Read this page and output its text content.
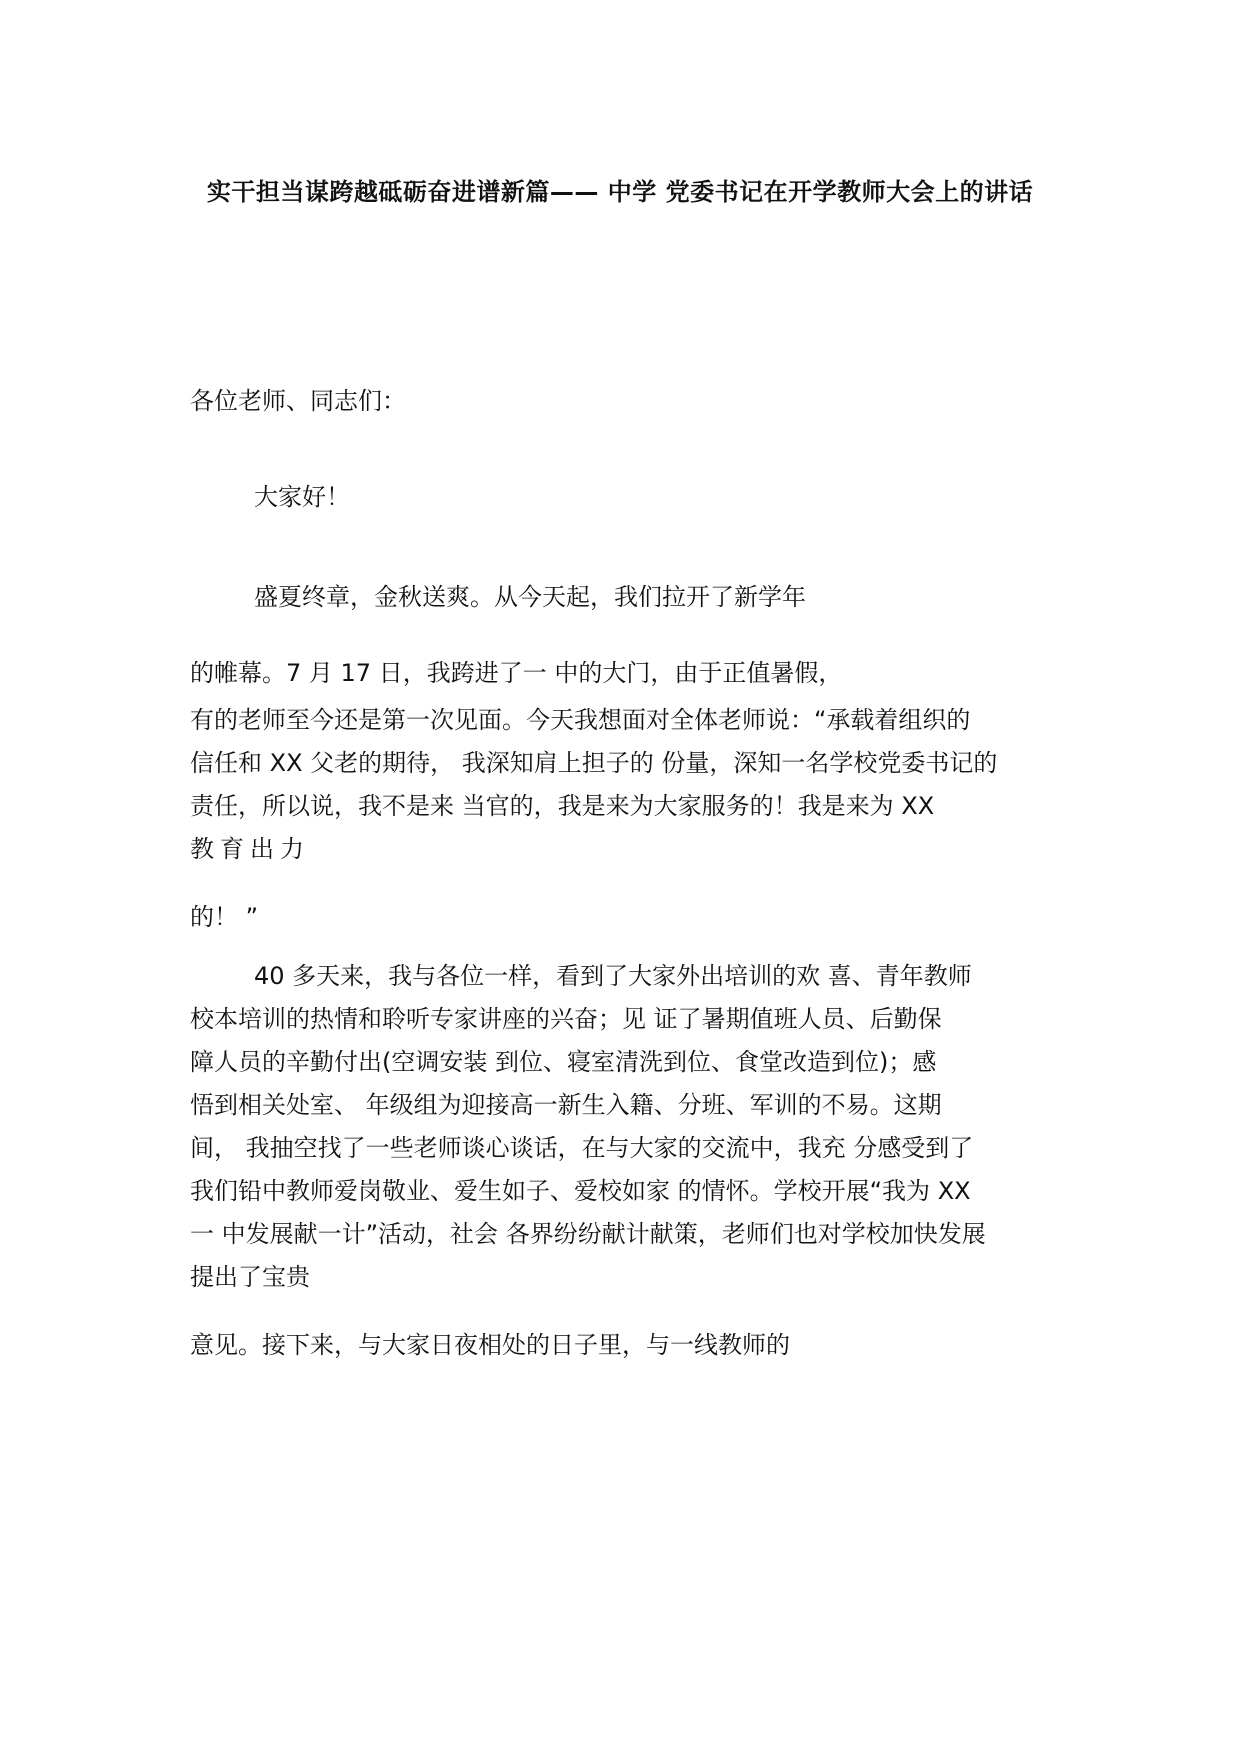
实干担当谋跨越砥砺奋进谱新篇—— 中学 党委书记在开学教师大会上的讲话
各位老师、同志们：
大家好！
盛夏终章，金秋送爽。从今天起，我们拉开了新学年
的帷幕。7 月 17 日，我跨进了一 中的大门，由于正值暑假，
有的老师至今还是第一次见面。今天我想面对全体老师说：“承载着组织的
信任和 XX 父老的期待， 我深知肩上担子的 份量，深知一名学校党委书记的
责任，所以说，我不是来 当官的，我是来为大家服务的！我是来为 XX
教育出力
的！ ”
40 多天来，我与各位一样，看到了大家外出培训的欢 喜、青年教师
校本培训的热情和聆听专家讲座的兴奋；见 证了暑期值班人员、后勤保
障人员的辛勤付出(空调安装 到位、寝室清洗到位、食堂改造到位)；感
悟到相关处室、 年级组为迎接高一新生入籍、分班、军训的不易。这期
间， 我抽空找了一些老师谈心谈话，在与大家的交流中，我充 分感受到了
我们铅中教师爱岗敬业、爱生如子、爱校如家 的情怀。学校开展“我为 XX
一 中发展献一计”活动，社会 各界纷纷献计献策，老师们也对学校加快发展
提出了宝贵
意见。接下来，与大家日夜相处的日子里，与一线教师的
